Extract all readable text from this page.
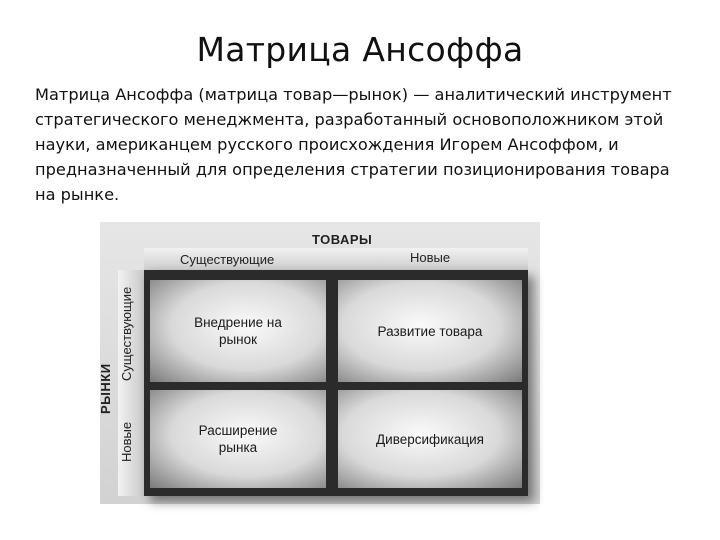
Матрица Ансоффа
Матрица Ансоффа (матрица товар—рынок) — аналитический инструмент стратегического менеджмента, разработанный основоположником этой науки, американцем русского происхождения Игорем Ансоффом, и предназначенный для определения стратегии позиционирования товара на рынке.
Внедрение на рынок
Развитие товара
Расширение рынка
Диверсификация
ТОВАРЫ
Существующие	Новые
РЫНКИ
Существующие
Новые
